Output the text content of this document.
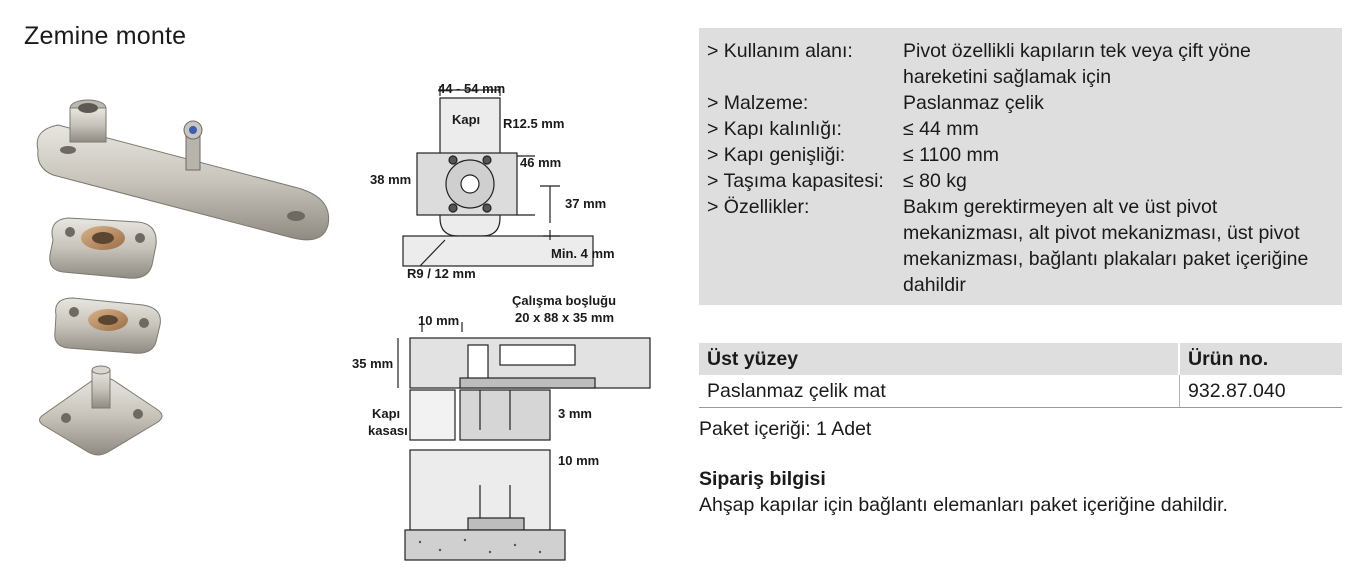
Zemine monte
44 - 54 mm
Kapı R12.5 mm
46 mm
38 mm
37 mm
Min. 4 mm
R9 / 12 mm
Çalışma boşluğu
20 x 88 x 35 mm
10 mm
35 mm
Kapı
kasası
3 mm
10 mm
> Kullanım alanı:	Pivot özellikli kapıların tek veya çift yöne hareketini sağlamak için
> Malzeme:	Paslanmaz çelik
> Kapı kalınlığı:	≤ 44 mm
> Kapı genişliği:	≤ 1100 mm
> Taşıma kapasitesi: ≤ 80 kg
> Özellikler:	Bakım gerektirmeyen alt ve üst pivot mekanizması, alt pivot mekanizması, üst pivot mekanizması, bağlantı plakaları paket içeriğine dahildir
Üst yüzey	Ürün no.
Paslanmaz çelik mat	932.87.040
Paket içeriği: 1 Adet
Sipariş bilgisi
Ahşap kapılar için bağlantı elemanları paket içeriğine dahildir.
